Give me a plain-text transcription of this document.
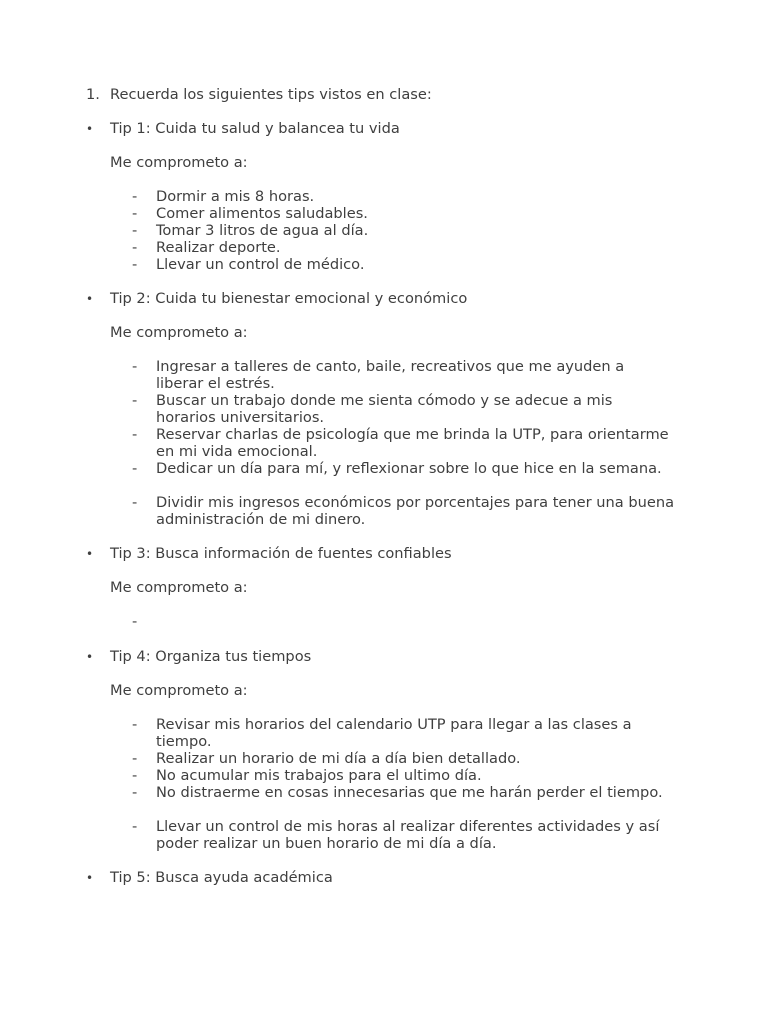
1. Recuerda los siguientes tips vistos en clase:
• Tip 1: Cuida tu salud y balancea tu vida
Me comprometo a:
- Dormir a mis 8 horas.
- Comer alimentos saludables.
- Tomar 3 litros de agua al día.
- Realizar deporte.
- Llevar un control de médico.
• Tip 2: Cuida tu bienestar emocional y económico
Me comprometo a:
- Ingresar a talleres de canto, baile, recreativos que me ayuden a liberar el estrés.
- Buscar un trabajo donde me sienta cómodo y se adecue a mis horarios universitarios.
- Reservar charlas de psicología que me brinda la UTP, para orientarme en mi vida emocional.
- Dedicar un día para mí, y reflexionar sobre lo que hice en la semana.
- Dividir mis ingresos económicos por porcentajes para tener una buena administración de mi dinero.
• Tip 3: Busca información de fuentes confiables
Me comprometo a:
-
• Tip 4: Organiza tus tiempos
Me comprometo a:
- Revisar mis horarios del calendario UTP para llegar a las clases a tiempo.
- Realizar un horario de mi día a día bien detallado.
- No acumular mis trabajos para el ultimo día.
- No distraerme en cosas innecesarias que me harán perder el tiempo.
- Llevar un control de mis horas al realizar diferentes actividades y así poder realizar un buen horario de mi día a día.
• Tip 5: Busca ayuda académica
